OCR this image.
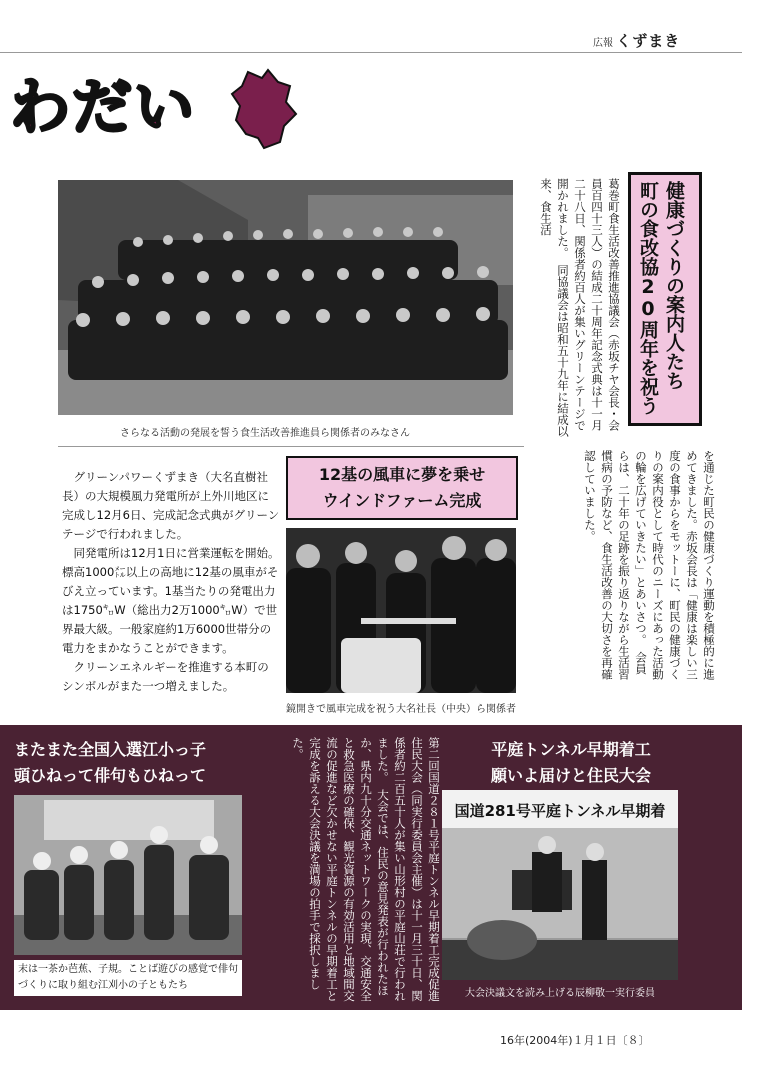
広報 くずまき
わだい
さらなる活動の発展を誓う食生活改善推進員ら関係者のみなさん
健康づくりの案内人たち 町の食改協20周年を祝う
葛巻町食生活改善推進協議会（赤坂チヤ会長・会員百四十三人）の結成二十周年記念式典は十一月二十八日、関係者約百人が集いグリーンテージで開かれました。　同協議会は昭和五十九年に結成以来、食生活
を通じた町民の健康づくり運動を積極的に進めてきました。赤坂会長は「健康は楽しい三度の食事からをモットーに、町民の健康づくりの案内役として時代のニーズにあった活動の輪を広げていきたい」とあいさつ。　会員らは、二十年の足跡を振り返りながら生活習慣病の予防など、食生活改善の大切さを再確認していました。
12基の風車に夢を乗せ
ウインドファーム完成

グリーンパワーくずまき（大名直樹社長）の大規模風力発電所が上外川地区に完成し12月6日、完成記念式典がグリーンテージで行われました。

同発電所は12月1日に営業運転を開始。標高1000㍍以上の高地に12基の風車がそびえ立っています。1基当たりの発電出力は1750㌔W（総出力2万1000㌔W）で世界最大級。一般家庭約1万6000世帯分の電力をまかなうことができます。

クリーンエネルギーを推進する本町のシンボルがまた一つ増えました。

鏡開きで風車完成を祝う大名社長（中央）ら関係者
またまた全国入選江小っ子
頭ひねって俳句もひねって
末は一茶か芭蕉、子規。ことば遊びの感覚で俳句づくりに取り組む江刈小の子ともたち	第二回国道２８１号平庭トンネル早期着工完成促進住民大会（同実行委員会主催）は十一月三十日、関係者約二百五十人が集い山形村の平庭山荘で行われました。　大会では、住民の意見発表が行われたほか、県内九十分交通ネットワークの実現、交通安全と救急医療の確保、観光資源の有効活用と地域間交流の促進など欠かせない平庭トンネルの早期着工と完成を訴える大会決議を満場の拍手で採択しました。	平庭トンネル早期着工
願いよ届けと住民大会
国道281号平庭トンネル早期着
大会決議文を読み上げる辰柳敬一実行委員
16年(2004年)１月１日〔８〕
